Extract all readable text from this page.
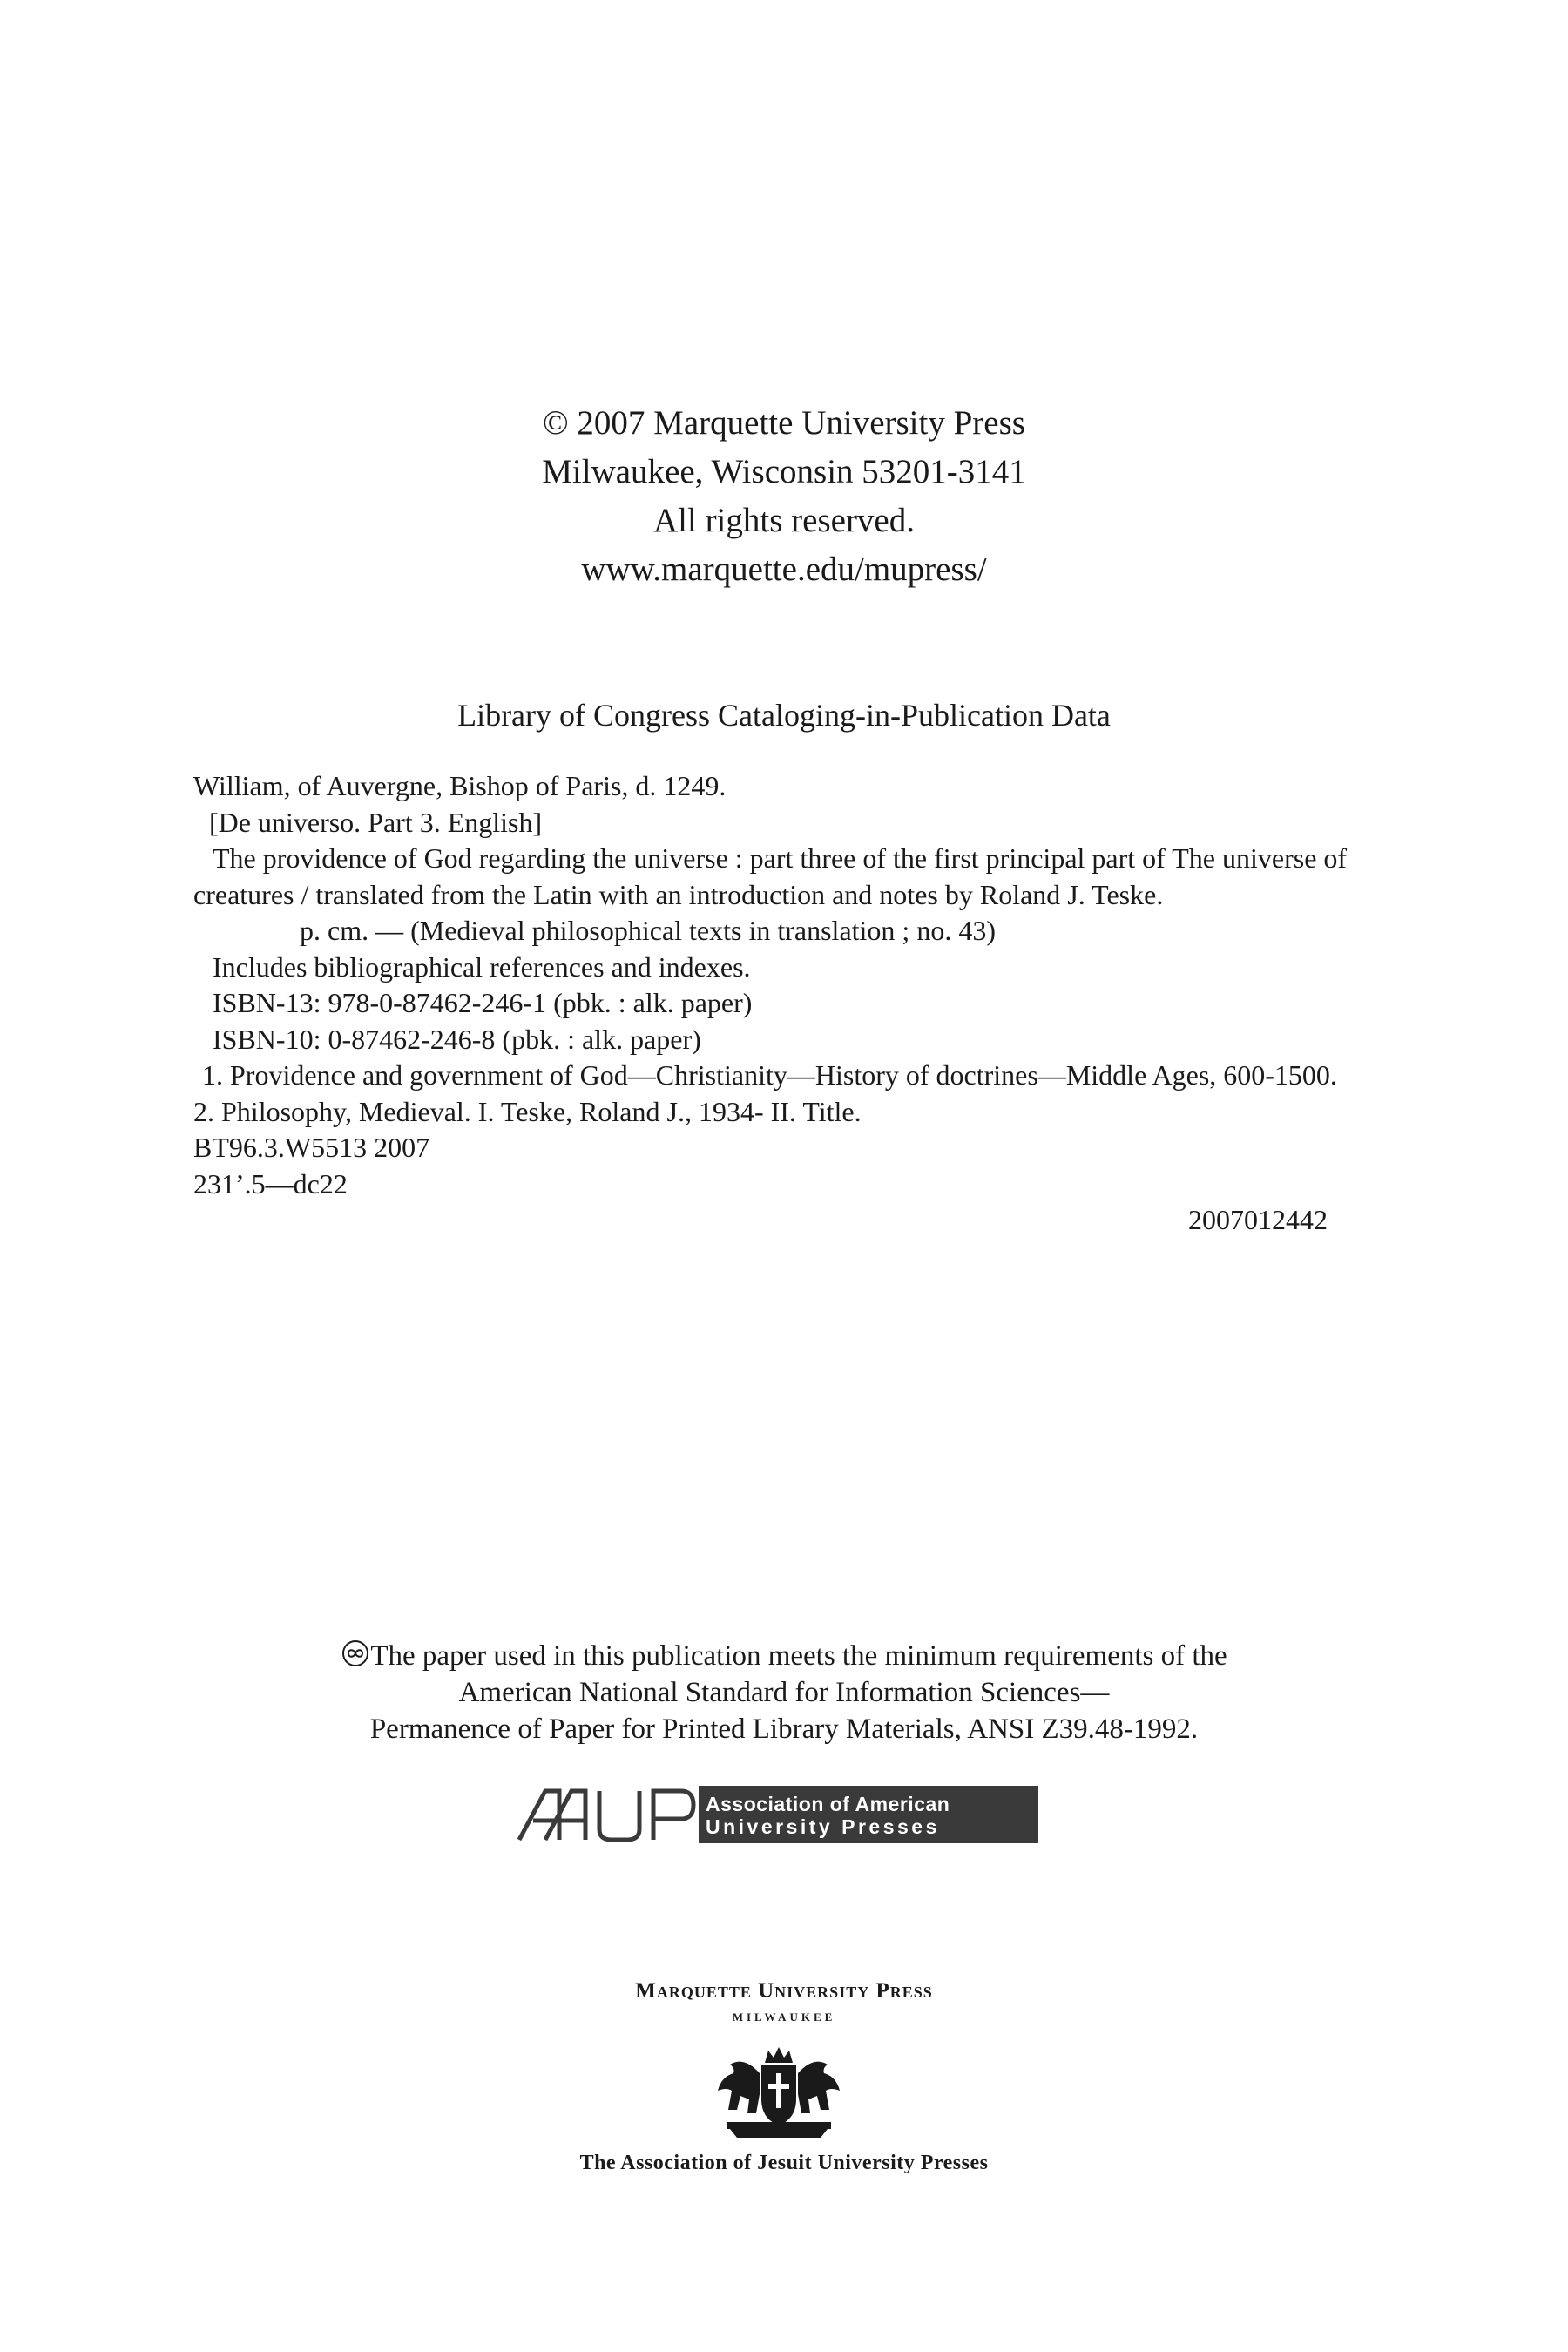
© 2007 Marquette University Press
Milwaukee, Wisconsin 53201-3141
All rights reserved.
www.marquette.edu/mupress/
Library of Congress Cataloging-in-Publication Data

William, of Auvergne, Bishop of Paris, d. 1249.

[De universo. Part 3. English]

The providence of God regarding the universe : part three of the first principal part of The universe of creatures / translated from the Latin with an introduction and notes by Roland J. Teske.

p. cm. — (Medieval philosophical texts in translation ; no. 43)

Includes bibliographical references and indexes.

ISBN-13: 978-0-87462-246-1 (pbk. : alk. paper)

ISBN-10: 0-87462-246-8 (pbk. : alk. paper)

1. Providence and government of God—Christianity—History of doctrines—Middle Ages, 600-1500. 2. Philosophy, Medieval. I. Teske, Roland J., 1934- II. Title.

BT96.3.W5513 2007

231’.5—dc22

2007012442

The paper used in this publication meets the minimum requirements of the
American National Standard for Information Sciences—
Permanence of Paper for Printed Library Materials, ANSI Z39.48-1992.
Association of American
University Presses
Marquette University Press
MILWAUKEE
The Association of Jesuit University Presses
